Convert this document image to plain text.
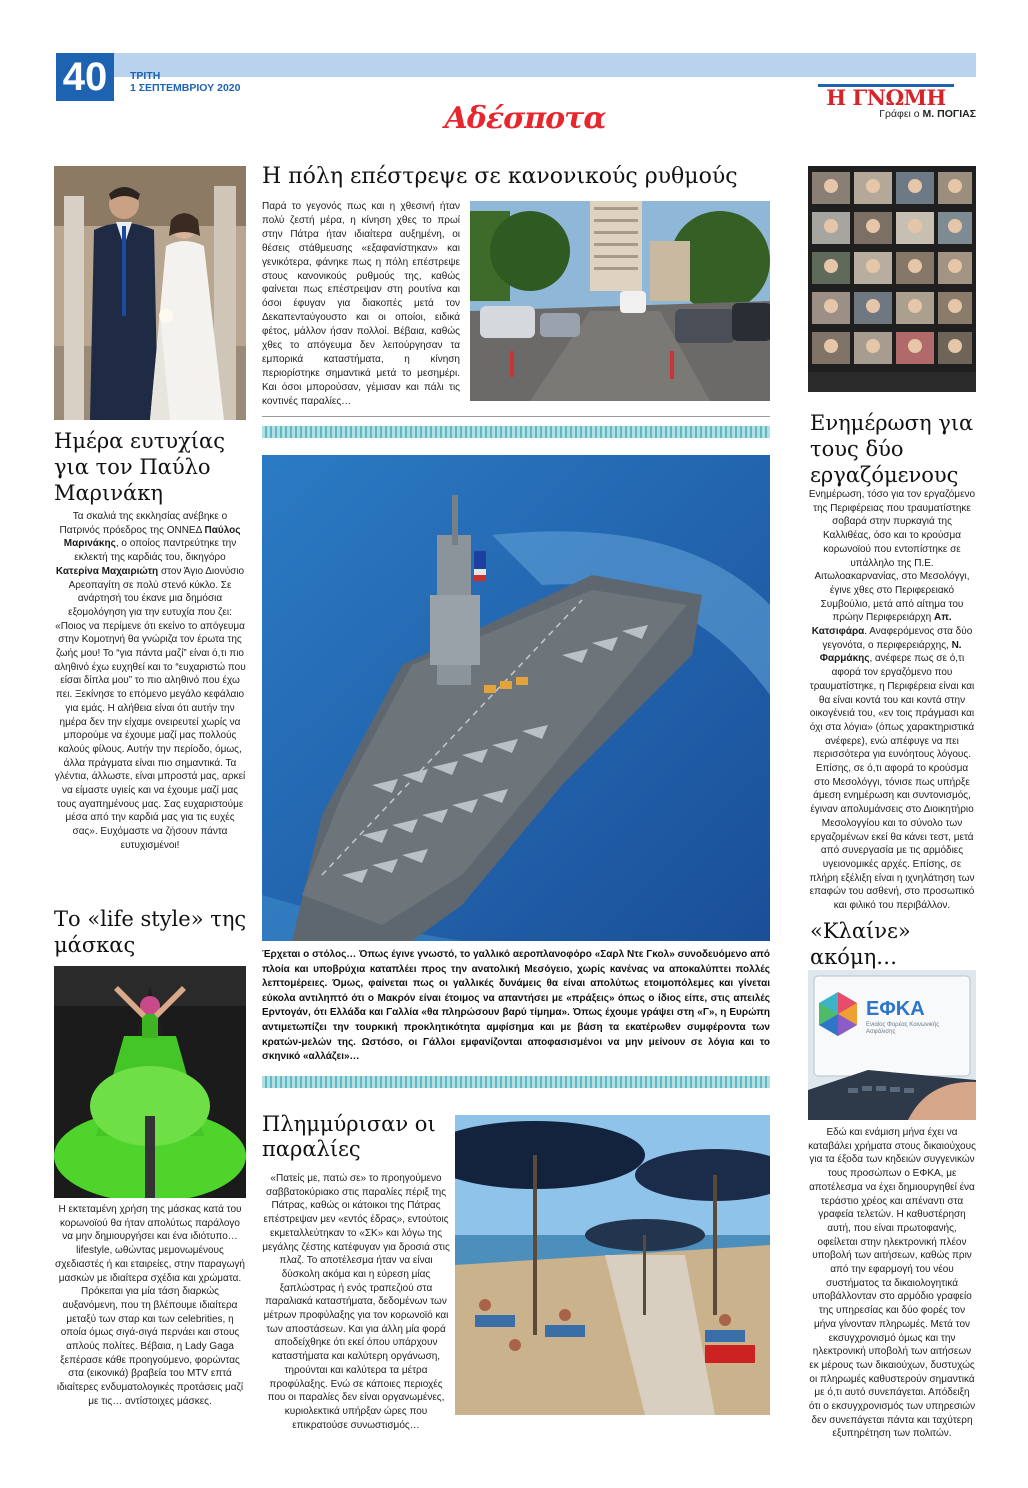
40	ΤΡΙΤΗ
1 ΣΕΠΤΕΜΒΡΙΟΥ 2020
Αδέσποτα
Η ΓΝΩΜΗ
Γράφει ο Μ. ΠΟΓΙΑΣ
Ημέρα ευτυχίας για τον Παύλο Μαρινάκη
Τα σκαλιά της εκκλησίας ανέβηκε ο Πατρινός πρόεδρος της ΟΝΝΕΔ Παύλος Μαρινάκης, ο οποίος παντρεύτηκε την εκλεκτή της καρδιάς του, δικηγόρο Κατερίνα Μαχαιριώτη στον Άγιο Διονύσιο Αρεοπαγίτη σε πολύ στενό κύκλο. Σε ανάρτησή του έκανε μια δημόσια εξομολόγηση για την ευτυχία που ζει: «Ποιος να περίμενε ότι εκείνο το απόγευμα στην Κομοτηνή θα γνώριζα τον έρωτα της ζωής μου! Το “για πάντα μαζί” είναι ό,τι πιο αληθινό έχω ευχηθεί και το “ευχαριστώ που είσαι δίπλα μου” το πιο αληθινό που έχω πει. Ξεκίνησε το επόμενο μεγάλο κεφάλαιο για εμάς. Η αλήθεια είναι ότι αυτήν την ημέρα δεν την είχαμε ονειρευτεί χωρίς να μπορούμε να έχουμε μαζί μας πολλούς καλούς φίλους. Αυτήν την περίοδο, όμως, άλλα πράγματα είναι πιο σημαντικά. Τα γλέντια, άλλωστε, είναι μπροστά μας, αρκεί να είμαστε υγιείς και να έχουμε μαζί μας τους αγαπημένους μας. Σας ευχαριστούμε μέσα από την καρδιά μας για τις ευχές σας». Ευχόμαστε να ζήσουν πάντα ευτυχισμένοι!
Το «life style» της μάσκας
Η εκτεταμένη χρήση της μάσκας κατά του κορωνοϊού θα ήταν απολύτως παράλογο να μην δημιουργήσει και ένα ιδιότυπο… lifestyle, ωθώντας μεμονωμένους σχεδιαστές ή και εταιρείες, στην παραγωγή μασκών με ιδιαίτερα σχέδια και χρώματα. Πρόκειται για μία τάση διαρκώς αυξανόμενη, που τη βλέπουμε ιδιαίτερα μεταξύ των σταρ και των celebrities, η οποία όμως σιγά-σιγά περνάει και στους απλούς πολίτες. Βέβαια, η Lady Gaga ξεπέρασε κάθε προηγούμενο, φορώντας στα (εικονικά) βραβεία του MTV επτά ιδιαίτερες ενδυματολογικές προτάσεις μαζί με τις… αντίστοιχες μάσκες.
Η πόλη επέστρεψε σε κανονικούς ρυθμούς
Παρά το γεγονός πως και η χθεσινή ήταν πολύ ζεστή μέρα, η κίνηση χθες το πρωί στην Πάτρα ήταν ιδιαίτερα αυξημένη, οι θέσεις στάθμευσης «εξαφανίστηκαν» και γενικότερα, φάνηκε πως η πόλη επέστρεψε στους κανονικούς ρυθμούς της, καθώς φαίνεται πως επέστρεψαν στη ρουτίνα και όσοι έφυγαν για διακοπές μετά τον Δεκαπενταύγουστο και οι οποίοι, ειδικά φέτος, μάλλον ήσαν πολλοί. Βέβαια, καθώς χθες το απόγευμα δεν λειτούργησαν τα εμπορικά καταστήματα, η κίνηση περιορίστηκε σημαντικά μετά το μεσημέρι. Και όσοι μπορούσαν, γέμισαν και πάλι τις κοντινές παραλίες…
Έρχεται ο στόλος… Όπως έγινε γνωστό, το γαλλικό αεροπλανοφόρο «Σαρλ Ντε Γκολ» συνοδευόμενο από πλοία και υποβρύχια καταπλέει προς την ανατολική Μεσόγειο, χωρίς κανένας να αποκαλύπτει πολλές λεπτομέρειες. Όμως, φαίνεται πως οι γαλλικές δυνάμεις θα είναι απολύτως ετοιμοπόλεμες και γίνεται εύκολα αντιληπτό ότι ο Μακρόν είναι έτοιμος να απαντήσει με «πράξεις» όπως ο ίδιος είπε, στις απειλές Ερντογάν, ότι Ελλάδα και Γαλλία «θα πληρώσουν βαρύ τίμημα». Όπως έχουμε γράψει στη «Γ», η Ευρώπη αντιμετωπίζει την τουρκική προκλητικότητα αμφίσημα και με βάση τα εκατέρωθεν συμφέροντα των κρατών-μελών της. Ωστόσο, οι Γάλλοι εμφανίζονται αποφασισμένοι να μην μείνουν σε λόγια και το σκηνικό «αλλάζει»…
Πλημμύρισαν οι παραλίες
«Πατείς με, πατώ σε» το προηγούμενο σαββατοκύριακο στις παραλίες πέριξ της Πάτρας, καθώς οι κάτοικοι της Πάτρας επέστρεψαν μεν «εντός έδρας», εντούτοις εκμεταλλεύτηκαν το «ΣΚ» και λόγω της μεγάλης ζέστης κατέφυγαν για δροσιά στις πλαζ. Το αποτέλεσμα ήταν να είναι δύσκολη ακόμα και η εύρεση μίας ξαπλώστρας ή ενός τραπεζιού στα παραλιακά καταστήματα, δεδομένων των μέτρων προφύλαξης για τον κορωνοϊό και των αποστάσεων. Και για άλλη μία φορά αποδείχθηκε ότι εκεί όπου υπάρχουν καταστήματα και καλύτερη οργάνωση, τηρούνται και καλύτερα τα μέτρα προφύλαξης. Ενώ σε κάποιες περιοχές που οι παραλίες δεν είναι οργανωμένες, κυριολεκτικά υπήρξαν ώρες που επικρατούσε συνωστισμός…
Ενημέρωση για τους δύο εργαζόμενους
Ενημέρωση, τόσο για τον εργαζόμενο της Περιφέρειας που τραυματίστηκε σοβαρά στην πυρκαγιά της Καλλιθέας, όσο και το κρούσμα κορωνοϊού που εντοπίστηκε σε υπάλληλο της Π.Ε. Αιτωλοακαρνανίας, στο Μεσολόγγι, έγινε χθες στο Περιφερειακό Συμβούλιο, μετά από αίτημα του πρώην Περιφερειάρχη Απ. Κατσιφάρα. Αναφερόμενος στα δύο γεγονότα, ο περιφερειάρχης, Ν. Φαρμάκης, ανέφερε πως σε ό,τι αφορά τον εργαζόμενο που τραυματίστηκε, η Περιφέρεια είναι και θα είναι κοντά του και κοντά στην οικογένειά του, «εν τοις πράγμασι και όχι στα λόγια» (όπως χαρακτηριστικά ανέφερε), ενώ απέφυγε να πει περισσότερα για ευνόητους λόγους. Επίσης, σε ό,τι αφορά το κρούσμα στο Μεσολόγγι, τόνισε πως υπήρξε άμεση ενημέρωση και συντονισμός, έγιναν απολυμάνσεις στο Διοικητήριο Μεσολογγίου και το σύνολο των εργαζομένων εκεί θα κάνει τεστ, μετά από συνεργασία με τις αρμόδιες υγειονομικές αρχές. Επίσης, σε πλήρη εξέλιξη είναι η ιχνηλάτηση των επαφών του ασθενή, στο προσωπικό και φιλικό του περιβάλλον.
«Κλαίνε» ακόμη…
ΕΦΚΑ
Ενιαίος Φορέας Κοινωνικής Ασφάλισης
Εδώ και ενάμιση μήνα έχει να καταβάλει χρήματα στους δικαιούχους για τα έξοδα των κηδειών συγγενικών τους προσώπων ο ΕΦΚΑ, με αποτέλεσμα να έχει δημιουργηθεί ένα τεράστιο χρέος και απέναντι στα γραφεία τελετών. Η καθυστέρηση αυτή, που είναι πρωτοφανής, οφείλεται στην ηλεκτρονική πλέον υποβολή των αιτήσεων, καθώς πριν από την εφαρμογή του νέου συστήματος τα δικαιολογητικά υποβάλλονταν στο αρμόδιο γραφείο της υπηρεσίας και δύο φορές τον μήνα γίνονταν πληρωμές. Μετά τον εκσυγχρονισμό όμως και την ηλεκτρονική υποβολή των αιτήσεων εκ μέρους των δικαιούχων, δυστυχώς οι πληρωμές καθυστερούν σημαντικά με ό,τι αυτό συνεπάγεται. Απόδειξη ότι ο εκσυγχρονισμός των υπηρεσιών δεν συνεπάγεται πάντα και ταχύτερη εξυπηρέτηση των πολιτών.
